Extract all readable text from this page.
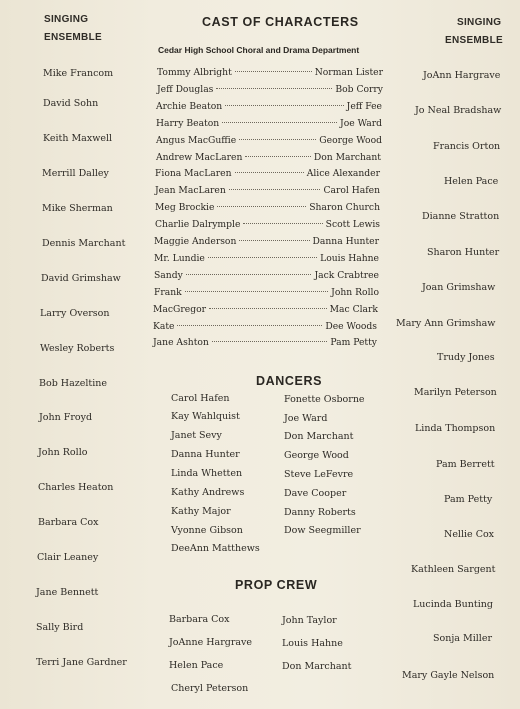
SINGING
ENSEMBLE
SINGING
ENSEMBLE
CAST OF CHARACTERS
Cedar High School Choral and Drama Department
Mike Francom
David Sohn
Keith Maxwell
Merrill Dalley
Mike Sherman
Dennis Marchant
David Grimshaw
Larry Overson
Wesley Roberts
Bob Hazeltine
John Froyd
John Rollo
Charles Heaton
Barbara Cox
Clair Leaney
Jane Bennett
Sally Bird
Terri Jane Gardner
JoAnn Hargrave
Jo Neal Bradshaw
Francis Orton
Helen Pace
Dianne Stratton
Sharon Hunter
Joan Grimshaw
Mary Ann Grimshaw
Trudy Jones
Marilyn Peterson
Linda Thompson
Pam Berrett
Pam Petty
Nellie Cox
Kathleen Sargent
Lucinda Bunting
Sonja Miller
Mary Gayle Nelson
Tommy Albright	Norman Lister
Jeff Douglas	Bob Corry
Archie Beaton	Jeff Fee
Harry Beaton	Joe Ward
Angus MacGuffie	George Wood
Andrew MacLaren	Don Marchant
Fiona MacLaren	Alice Alexander
Jean MacLaren	Carol Hafen
Meg Brockie	Sharon Church
Charlie Dalrymple	Scott Lewis
Maggie Anderson	Danna Hunter
Mr. Lundie	Louis Hahne
Sandy	Jack Crabtree
Frank	John Rollo
MacGregor	Mac Clark
Kate	Dee Woods
Jane Ashton	Pam Petty
DANCERS
Carol Hafen
Kay Wahlquist
Janet Sevy
Danna Hunter
Linda Whetten
Kathy Andrews
Kathy Major
Vyonne Gibson
DeeAnn Matthews
Fonette Osborne
Joe Ward
Don Marchant
George Wood
Steve LeFevre
Dave Cooper
Danny Roberts
Dow Seegmiller
PROP CREW
Barbara Cox
JoAnne Hargrave
Helen Pace
Cheryl Peterson
John Taylor
Louis Hahne
Don Marchant
